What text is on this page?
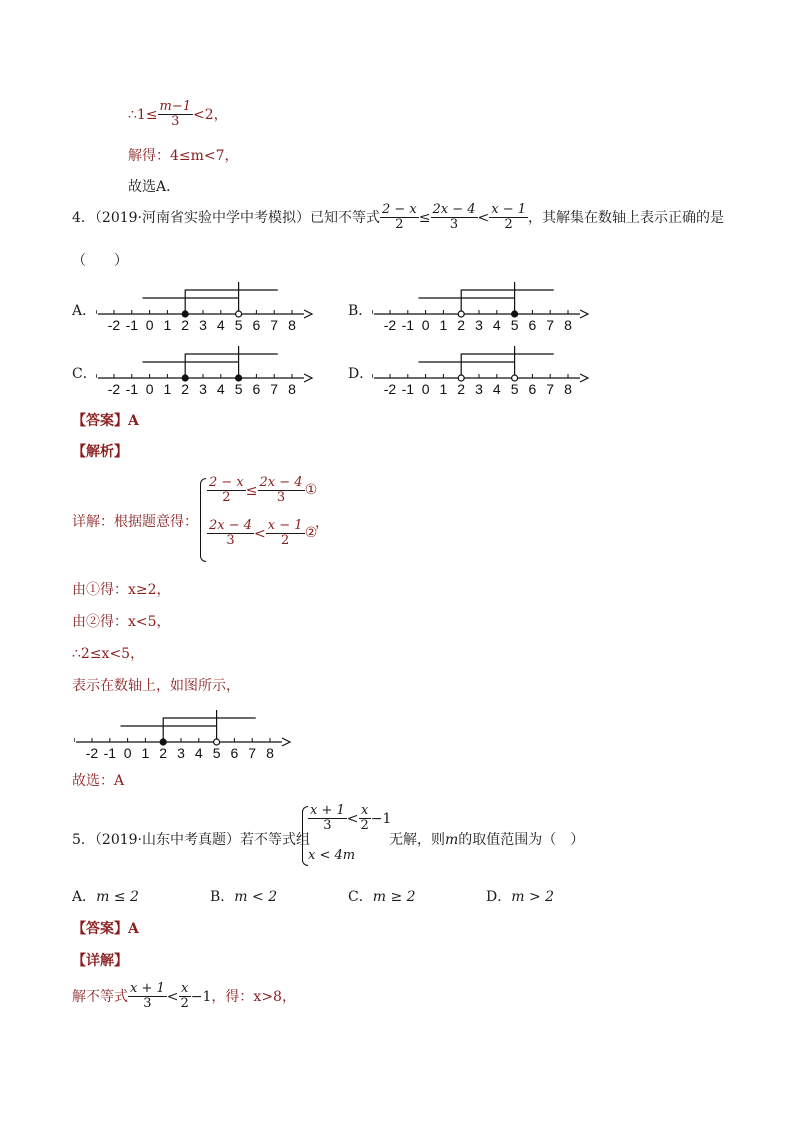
∴1≤ $\frac{m-1}{3} <2$，
解得：4≤m<7，
故选A．
4．（2019·河南省实验中学中考模拟）已知不等式 $\frac{2 - x}{2} \le \frac{2x - 4}{3} < \frac{x - 1}{2}$ ，其解集在数轴上表示正确的是
（　　）
A．	B．
C．	D．
-2 -1 0 1 2 3 4 5 6 7 8	-2 -1 0 1 2 3 4 5 6 7 8
-2 -1 0 1 2 3 4 5 6 7 8	-2 -1 0 1 2 3 4 5 6 7 8
【答案】A
【解析】
详解：根据题意得：
$\frac{2 - x}{2} \le \frac{2x - 4}{3}$ ①
$\frac{2x - 4}{3} < \frac{x - 1}{2}$ ②
，
由①得：x≥2，
由②得：x<5，
∴2≤x<5，
表示在数轴上，如图所示，
-2 -1 0 1 2 3 4 5 6 7 8
故选：A
5．（2019·山东中考真题）若不等式组
$\frac{x + 1}{3} < \frac{x}{2} -1$
x < 4m
无解，则m的取值范围为（　）
A．m ≤ 2	B．m < 2	C．m ≥ 2	D．m > 2
【答案】A
【详解】
解不等式 $\frac{x + 1}{3} < \frac{x}{2} -1$，得：x>8，
